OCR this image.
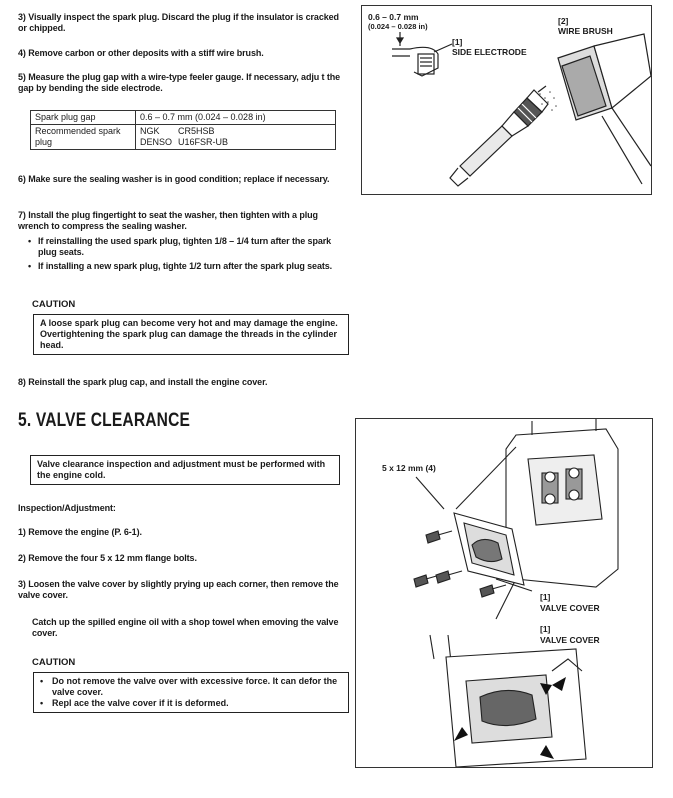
3) Visually inspect the spark plug. Discard the plug if the insulator is cracked or chipped.
4) Remove carbon or other deposits with a stiff wire brush.
5) Measure the plug gap with a wire-type feeler gauge. If necessary, adju t the gap by bending the side electrode.
Spark plug gap	0.6 – 0.7 mm (0.024 – 0.028 in)
Recommended spark plug	NGK CR5HSB
DENSO U16FSR-UB
6) Make sure the sealing washer is in good condition; replace if necessary.
7) Install the plug fingertight to seat the washer, then tighten with a plug wrench to compress the sealing washer.
• If reinstalling the used spark plug, tighten 1/8 – 1/4 turn after the spark plug seats.
• If installing a new spark plug, tighte 1/2 turn after the spark plug seats.
CAUTION
A loose spark plug can become very hot and may damage the engine. Overtightening the spark plug can damage the threads in the cylinder head.
8) Reinstall the spark plug cap, and install the engine cover.
0.6 – 0.7 mm
(0.024 – 0.028 in)
[1]
SIDE ELECTRODE
[2]
WIRE BRUSH
5. VALVE CLEARANCE
Valve clearance inspection and adjustment must be performed with the engine cold.
Inspection/Adjustment:
1) Remove the engine (P. 6-1).
2) Remove the four 5 x 12 mm flange bolts.
3) Loosen the valve cover by slightly prying up each corner, then remove the valve cover.
Catch up the spilled engine oil with a shop towel when emoving the valve cover.
CAUTION
• Do not remove the valve over with excessive force. It can defor the valve cover.
• Repl ace the valve cover if it is deformed.
5 x 12 mm (4)
[1]
VALVE COVER
[1]
VALVE COVER
